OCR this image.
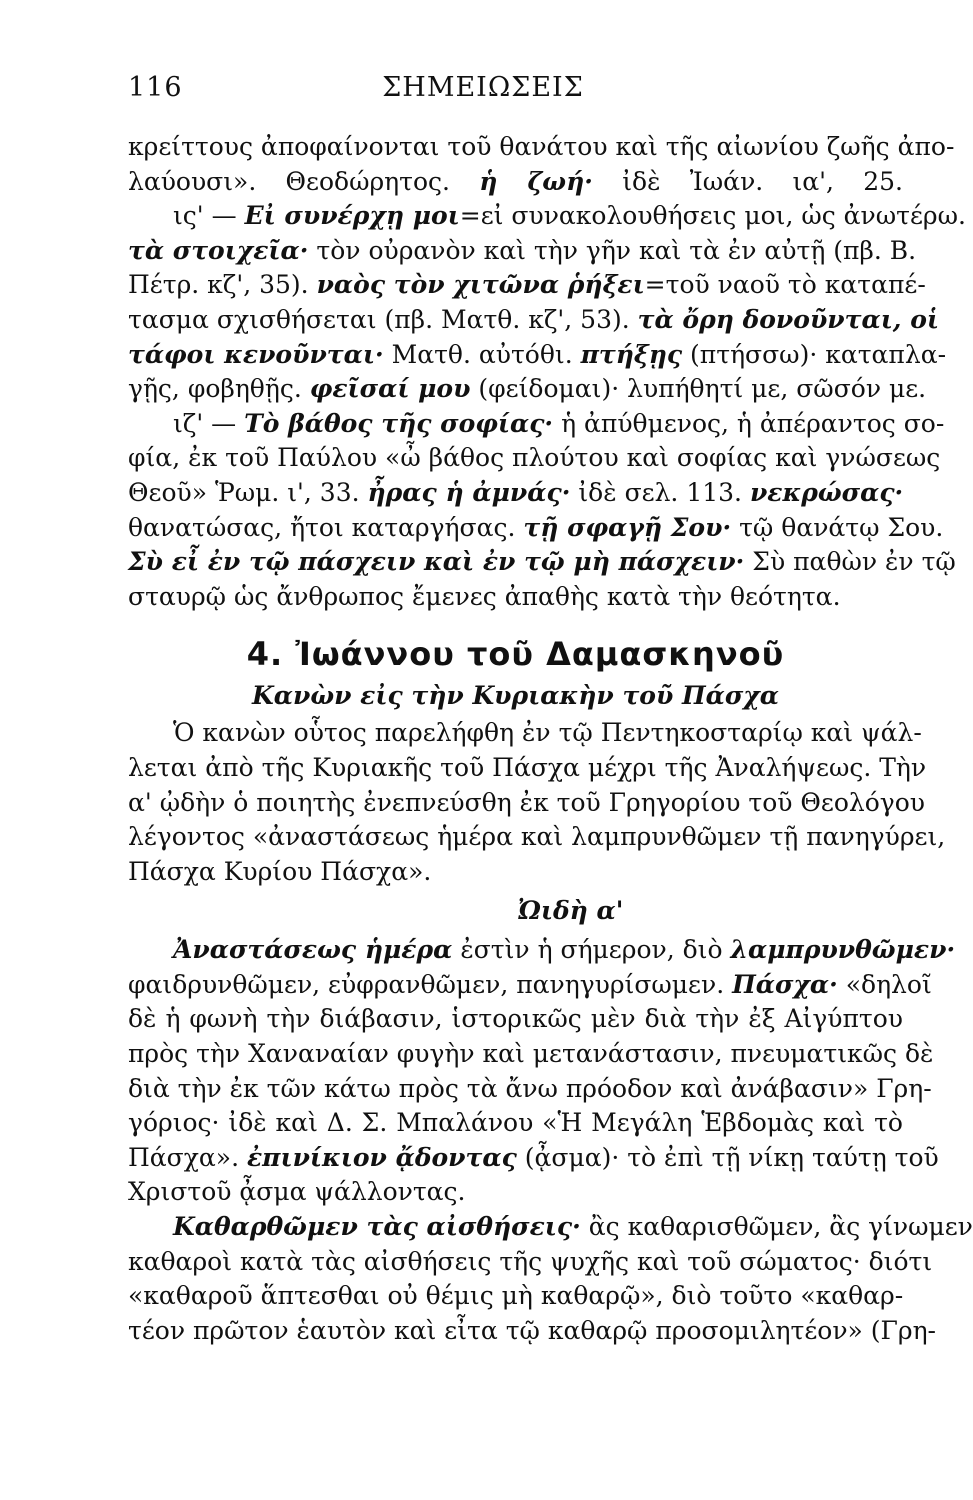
116	ΣΗΜΕΙΩΣΕΙΣ
κρείττους ἀποφαίνονται τοῦ θανάτου καὶ τῆς αἰωνίου ζωῆς ἀπο-
λαύουσι». Θεοδώρητος. ἡ ζωή· ἰδὲ Ἰωάν. ια', 25.
ις' — Εἰ συνέρχῃ μοι=εἰ συνακολουθήσεις μοι, ὡς ἀνωτέρω.
τὰ στοιχεῖα· τὸν οὐρανὸν καὶ τὴν γῆν καὶ τὰ ἐν αὐτῇ (πβ. Β.
Πέτρ. κζ', 35). ναὸς τὸν χιτῶνα ῥήξει=τοῦ ναοῦ τὸ καταπέ-
τασμα σχισθήσεται (πβ. Ματθ. κζ', 53). τὰ ὄρη δονοῦνται, οἱ
τάφοι κενοῦνται· Ματθ. αὐτόθι. πτήξῃς (πτήσσω)· καταπλα-
γῇς, φοβηθῇς. φεῖσαί μου (φείδομαι)· λυπήθητί με, σῶσόν με.
ιζ' — Τὸ βάθος τῆς σοφίας· ἡ ἀπύθμενος, ἡ ἀπέραντος σο-
φία, ἐκ τοῦ Παύλου «ὦ βάθος πλούτου καὶ σοφίας καὶ γνώσεως
Θεοῦ» Ῥωμ. ι', 33. ἦρας ἡ ἀμνάς· ἰδὲ σελ. 113. νεκρώσας·
θανατώσας, ἤτοι καταργήσας. τῇ σφαγῇ Σου· τῷ θανάτῳ Σου.
Σὺ εἶ ἐν τῷ πάσχειν καὶ ἐν τῷ μὴ πάσχειν· Σὺ παθὼν ἐν τῷ
σταυρῷ ὡς ἄνθρωπος ἔμενες ἀπαθὴς κατὰ τὴν θεότητα.
4. Ἰωάννου τοῦ Δαμασκηνοῦ
Κανὼν εἰς τὴν Κυριακὴν τοῦ Πάσχα
Ὁ κανὼν οὗτος παρελήφθη ἐν τῷ Πεντηκοσταρίῳ καὶ ψάλ-
λεται ἀπὸ τῆς Κυριακῆς τοῦ Πάσχα μέχρι τῆς Ἀναλήψεως. Τὴν
α' ᾠδὴν ὁ ποιητὴς ἐνεπνεύσθη ἐκ τοῦ Γρηγορίου τοῦ Θεολόγου
λέγοντος «ἀναστάσεως ἡμέρα καὶ λαμπρυνθῶμεν τῇ πανηγύρει,
Πάσχα Κυρίου Πάσχα».
Ὠιδὴ α'
Ἀναστάσεως ἡμέρα ἐστὶν ἡ σήμερον, διὸ λαμπρυνθῶμεν·
φαιδρυνθῶμεν, εὐφρανθῶμεν, πανηγυρίσωμεν. Πάσχα· «δηλοῖ
δὲ ἡ φωνὴ τὴν διάβασιν, ἱστορικῶς μὲν διὰ τὴν ἐξ Αἰγύπτου
πρὸς τὴν Χαναναίαν φυγὴν καὶ μετανάστασιν, πνευματικῶς δὲ
διὰ τὴν ἐκ τῶν κάτω πρὸς τὰ ἄνω πρόοδον καὶ ἀνάβασιν» Γρη-
γόριος· ἰδὲ καὶ Δ. Σ. Μπαλάνου «Ἡ Μεγάλη Ἑβδομὰς καὶ τὸ
Πάσχα». ἐπινίκιον ᾄδοντας (ᾆσμα)· τὸ ἐπὶ τῇ νίκῃ ταύτῃ τοῦ
Χριστοῦ ᾆσμα ψάλλοντας.
Καθαρθῶμεν τὰς αἰσθήσεις· ἂς καθαρισθῶμεν, ἂς γίνωμεν
καθαροὶ κατὰ τὰς αἰσθήσεις τῆς ψυχῆς καὶ τοῦ σώματος· διότι
«καθαροῦ ἅπτεσθαι οὐ θέμις μὴ καθαρῷ», διὸ τοῦτο «καθαρ-
τέον πρῶτον ἑαυτὸν καὶ εἶτα τῷ καθαρῷ προσομιλητέον» (Γρη-
